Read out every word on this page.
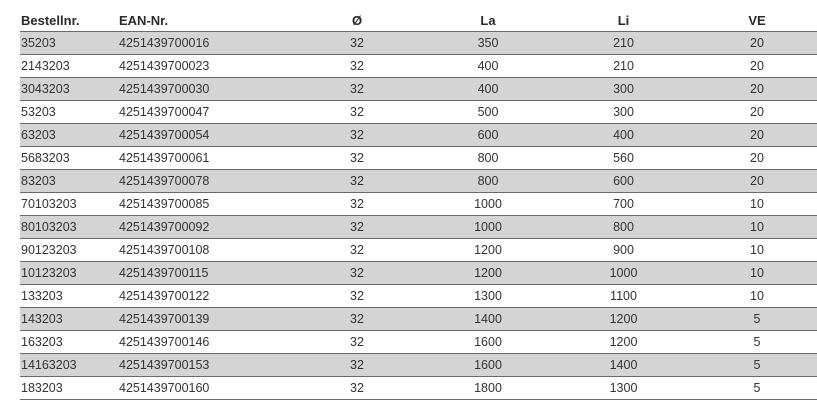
Bestellnr.	EAN-Nr.	Ø	La	Li	VE
35203	4251439700016	32	350	210	20
2143203	4251439700023	32	400	210	20
3043203	4251439700030	32	400	300	20
53203	4251439700047	32	500	300	20
63203	4251439700054	32	600	400	20
5683203	4251439700061	32	800	560	20
83203	4251439700078	32	800	600	20
70103203	4251439700085	32	1000	700	10
80103203	4251439700092	32	1000	800	10
90123203	4251439700108	32	1200	900	10
10123203	4251439700115	32	1200	1000	10
133203	4251439700122	32	1300	1100	10
143203	4251439700139	32	1400	1200	5
163203	4251439700146	32	1600	1200	5
14163203	4251439700153	32	1600	1400	5
183203	4251439700160	32	1800	1300	5
